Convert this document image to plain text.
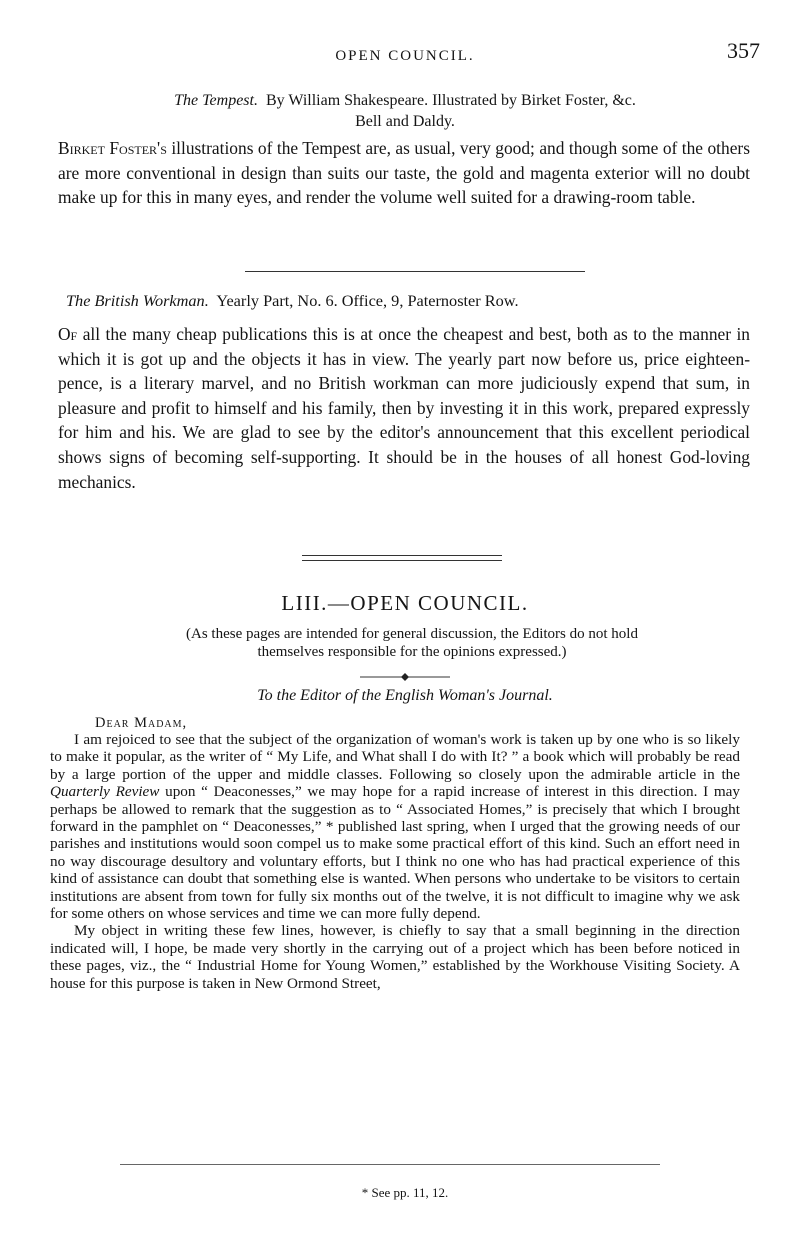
OPEN COUNCIL.	357
The Tempest. By William Shakespeare. Illustrated by Birket Foster, &c.
Bell and Daldy.
Birket Foster's illustrations of the Tempest are, as usual, very good; and though some of the others are more conventional in design than suits our taste, the gold and magenta exterior will no doubt make up for this in many eyes, and render the volume well suited for a drawing-room table.
The British Workman. Yearly Part, No. 6. Office, 9, Paternoster Row.
Of all the many cheap publications this is at once the cheapest and best, both as to the manner in which it is got up and the objects it has in view. The yearly part now before us, price eighteen-pence, is a literary marvel, and no British workman can more judiciously expend that sum, in pleasure and profit to himself and his family, then by investing it in this work, prepared expressly for him and his. We are glad to see by the editor's announcement that this excellent periodical shows signs of becoming self-supporting. It should be in the houses of all honest God-loving mechanics.
LIII.—OPEN COUNCIL.
(As these pages are intended for general discussion, the Editors do not hold
themselves responsible for the opinions expressed.)
To the Editor of the English Woman's Journal.
Dear Madam,

I am rejoiced to see that the subject of the organization of woman's work is taken up by one who is so likely to make it popular, as the writer of “ My Life, and What shall I do with It? ” a book which will probably be read by a large portion of the upper and middle classes. Following so closely upon the admirable article in the Quarterly Review upon “ Deaconesses,” we may hope for a rapid increase of interest in this direction. I may perhaps be allowed to remark that the suggestion as to “ Associated Homes,” is precisely that which I brought forward in the pamphlet on “ Deaconesses,” * published last spring, when I urged that the growing needs of our parishes and institutions would soon compel us to make some practical effort of this kind. Such an effort need in no way discourage desultory and voluntary efforts, but I think no one who has had practical experience of this kind of assistance can doubt that something else is wanted. When persons who undertake to be visitors to certain institutions are absent from town for fully six months out of the twelve, it is not difficult to imagine why we ask for some others on whose services and time we can more fully depend.

My object in writing these few lines, however, is chiefly to say that a small beginning in the direction indicated will, I hope, be made very shortly in the carrying out of a project which has been before noticed in these pages, viz., the “ Industrial Home for Young Women,” established by the Workhouse Visiting Society. A house for this purpose is taken in New Ormond Street,

* See pp. 11, 12.
